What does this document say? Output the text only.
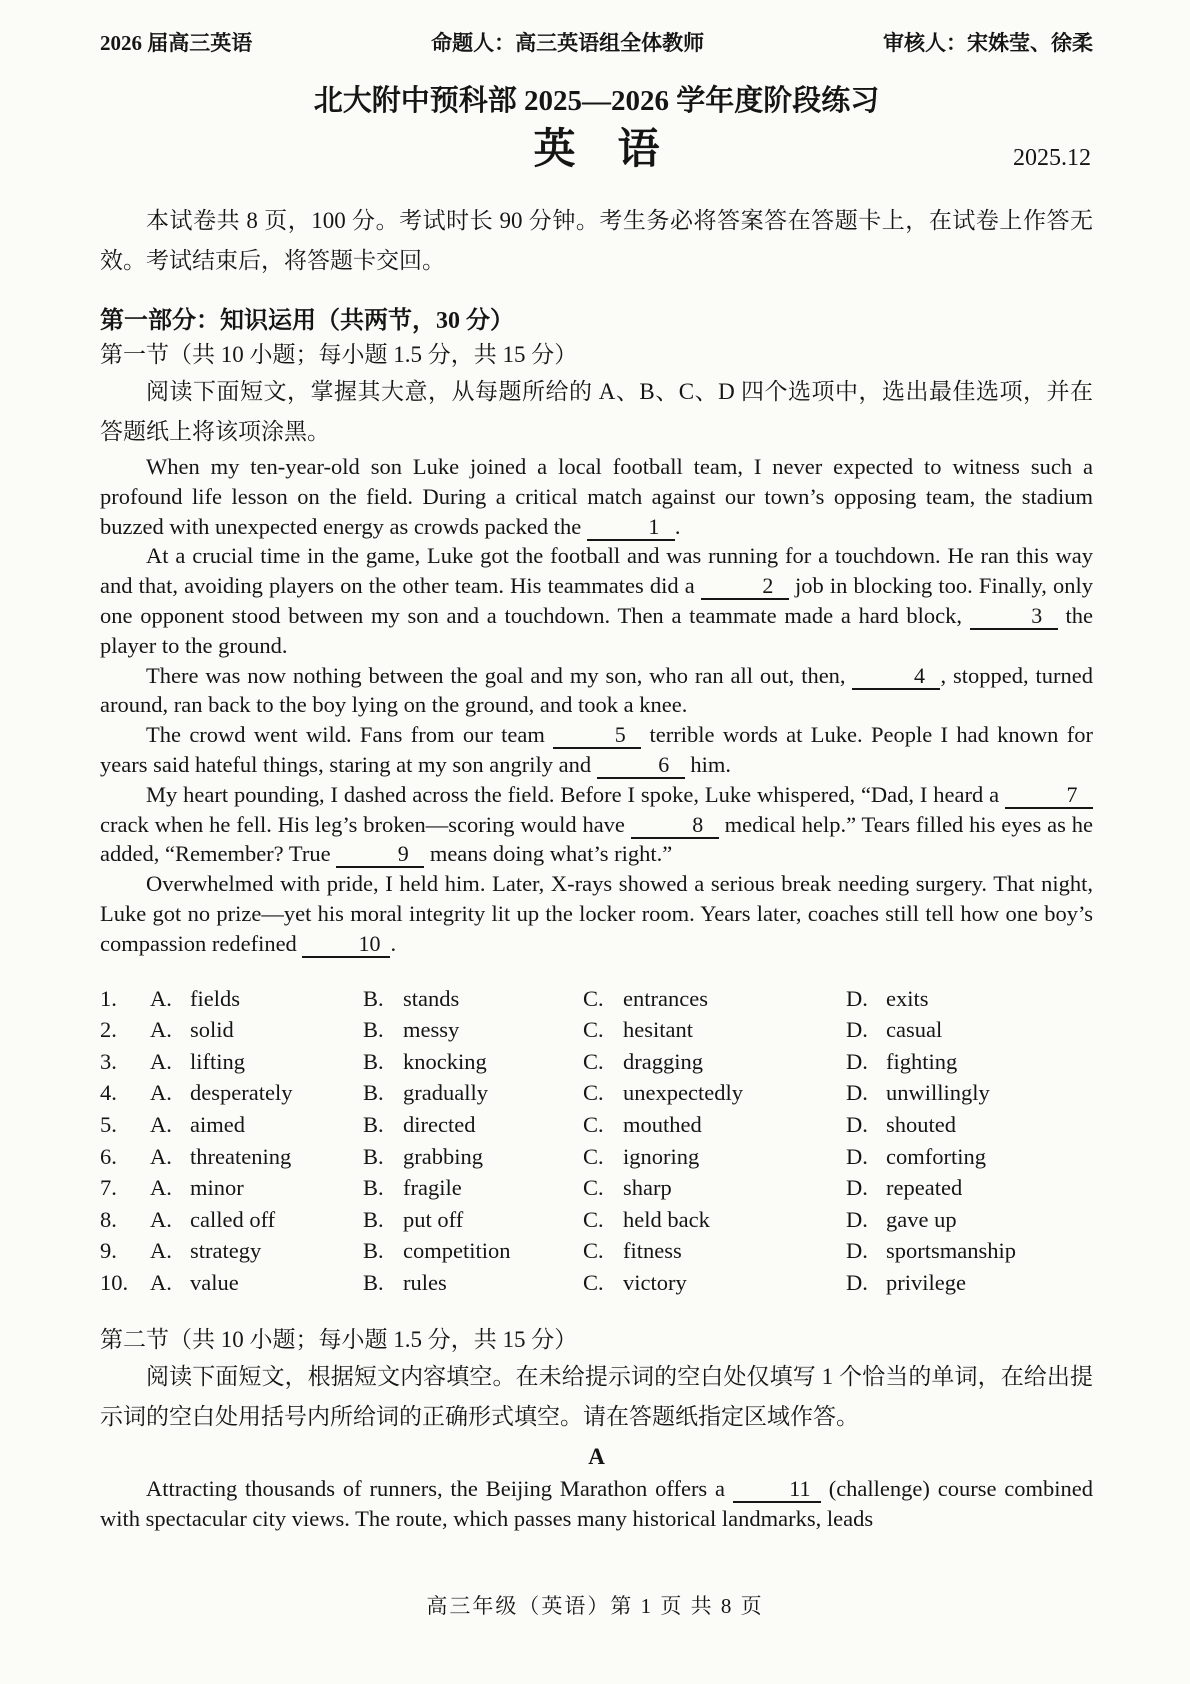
2026 届高三英语	命题人：高三英语组全体教师	审核人：宋姝莹、徐柔
北大附中预科部 2025—2026 学年度阶段练习
英　语	2025.12

本试卷共 8 页，100 分。考试时长 90 分钟。考生务必将答案答在答题卡上，在试卷上作答无效。考试结束后，将答题卡交回。

第一部分：知识运用（共两节，30 分）
第一节（共 10 小题；每小题 1.5 分，共 15 分）

阅读下面短文，掌握其大意，从每题所给的 A、B、C、D 四个选项中，选出最佳选项，并在答题纸上将该项涂黑。

When my ten-year-old son Luke joined a local football team, I never expected to witness such a profound life lesson on the field. During a critical match against our town’s opposing team, the stadium buzzed with unexpected energy as crowds packed the	1 .

At a crucial time in the game, Luke got the football and was running for a touchdown. He ran this way and that, avoiding players on the other team. His teammates did a	2 job in blocking too. Finally, only one opponent stood between my son and a touchdown. Then a teammate made a hard block,	3 the player to the ground.

There was now nothing between the goal and my son, who ran all out, then,	4 , stopped, turned around, ran back to the boy lying on the ground, and took a knee.

The crowd went wild. Fans from our team	5 terrible words at Luke. People I had known for years said hateful things, staring at my son angrily and	6 him.

My heart pounding, I dashed across the field. Before I spoke, Luke whispered, “Dad, I heard a	7 crack when he fell. His leg’s broken—scoring would have	8 medical help.” Tears filled his eyes as he added, “Remember? True	9 means doing what’s right.”

Overwhelmed with pride, I held him. Later, X-rays showed a serious break needing surgery. That night, Luke got no prize—yet his moral integrity lit up the locker room. Years later, coaches still tell how one boy’s compassion redefined	10 .

1.	A. fields	B. stands	C. entrances	D. exits
2.	A. solid	B. messy	C. hesitant	D. casual
3.	A. lifting	B. knocking	C. dragging	D. fighting
4.	A. desperately	B. gradually	C. unexpectedly	D. unwillingly
5.	A. aimed	B. directed	C. mouthed	D. shouted
6.	A. threatening	B. grabbing	C. ignoring	D. comforting
7.	A. minor	B. fragile	C. sharp	D. repeated
8.	A. called off	B. put off	C. held back	D. gave up
9.	A. strategy	B. competition	C. fitness	D. sportsmanship
10. A. value	B. rules	C. victory	D. privilege
第二节（共 10 小题；每小题 1.5 分，共 15 分）

阅读下面短文，根据短文内容填空。在未给提示词的空白处仅填写 1 个恰当的单词，在给出提示词的空白处用括号内所给词的正确形式填空。请在答题纸指定区域作答。

A

Attracting thousands of runners, the Beijing Marathon offers a	11 (challenge) course combined with spectacular city views. The route, which passes many historical landmarks, leads

高三年级（英语）第 1 页 共 8 页
